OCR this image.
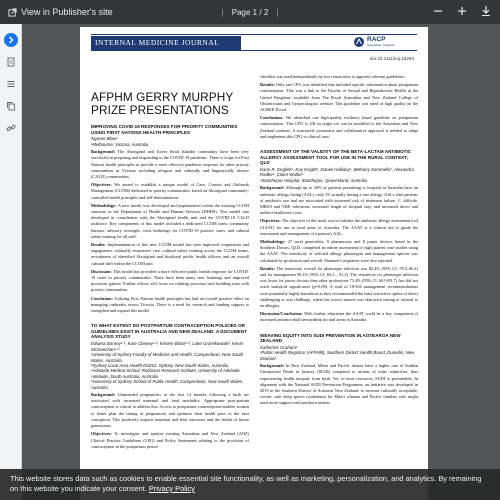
View in Publisher's site	| Page 1 / 2 |
INTERNAL MEDICINE JOURNAL	RACP
Specialists. Together.
doi:10.1111/imj.15293
AFPHM GERRY MURPHY PRIZE PRESENTATIONS
IMPROVING COVID-19 RESPONSES FOR PRIORITY COMMUNITIES USING FIRST NATIONS HEALTH PRINCIPLES
Ngaree Blow¹
¹Melbourne, Victoria, Australia
Background: The Aboriginal and Torres Strait Islander community have been very successful in preparing and responding to the COVID-19 pandemic. There is scope for First Nations health principles to provide a more effective pandemic response for other priority communities in Victoria, including refugees and culturally and linguistically diverse (CALD) communities.
Objectives: We aimed to establish a unique model of Case, Contact and Outbreak Management (CCOM) dedicated to priority communities, based on Aboriginal community-controlled health principles and self-determination.
Methodology: A new model was developed and implemented within the existing CCOM structure in the Department of Health and Human Services (DHHS). This model was developed in consultation with the Aboriginal health unit and the COVID-19 CALD taskforce. Key components of this model included a dedicated CCOM team, community liaisons, advisory oversight, cross brokerage for COVID-19 positive cases, and cultural safety training for all staff.
Results: Implementation of this new CCOM model has seen improved cooperation and engagement, culturally responsive care, cultural safety training across the CCOM teams, recruitment of identified Aboriginal and bicultural public health officers and an overall cultural shift within the CCOM unit.
Discussion: This model has provided a more effective public health response for COVID-19 cases in priority communities. There have been many new learnings and improved processes gained. Further efforts will focus on refining processes and building trust with priority communities.
Conclusion: Utilising First Nations health principles has had an overall positive effect on managing outbreaks across Victoria. There is a need for research and funding support to strengthen and expand this model.
TO WHAT EXTENT DO POSTPARTUM CONTRACEPTION POLICIES OR GUIDELINES EXIST IN AUSTRALIA AND NEW ZEALAND: A DOCUMENT ANALYSIS STUDY
Edwina Dorney¹·², Kate Cheney¹·², Kirsten Black¹·², Luke Grzeskowiak³, Kevin McGeechan⁴·⁵
¹University of Sydney Faculty of Medicine and Health, Camperdown, New South Wales, Australia
²Sydney Local Area Health District, Sydney, New South Wales, Australia
³Adelaide Medical School, Robinson Research Institute, University of Adelaide, Adelaide, South Australia, Australia
⁴University of Sydney School of Public Health, Camperdown, New South Wales, Australia
Background: Unintended pregnancies in the first 12 months following a birth are associated with increased maternal and fetal morbidity. Appropriate post-partum contraception is critical to address this. Access to postpartum contraception enables women to better plan the timing of pregnancies and optimise their health prior to the next conception. This positively impacts maternal and fetal outcomes and the health of future generations.
Objectives: To investigate and analyse existing Australian and New Zealand (ANZ) Clinical Practice Guidelines (CPG) and Policy Statements relating to the provision of contraception in the postpartum period.
checklist was used independently by two researchers to appraise relevant guidelines.
Results: Only one CPG was identified that included specific information about postpartum contraception. This was a link to the Faculty of Sexual and Reproductive Health in the United Kingdom, available from The Royal Australian and New Zealand College of Obstetricians and Gynaecologists website. This guideline was rated of high quality on the AGREE II tool.
Conclusions: We identified one high-quality evidence based guideline on postpartum contraception. This CPG is UK in origin yet can be modified to the Australian and New Zealand contexts. A structured, systematic and collaborative approach is needed to adapt and implement this CPG to clinical care.
ASSESSMENT OF THE VALIDITY OF THE BETA-LACTAM ANTIBIOTIC ALLERGY ASSESSMENT TOOL FOR USE IN THE RURAL CONTEXT, QLD
Karin R. English¹, Kay Knight¹, Daniel Halliday¹, Bethany Sammells¹, Alexandra Radke¹, Claire Walter¹
¹Stanthorpe Hospital, Stanthorpe, Queensland, Australia
Background: Although up to 20% of patients presenting to hospital in Australia have an antibiotic allergy listing (AAL), only 1% actually having a true allergy. AALs alter patterns of antibiotic use and are associated with increased risk of treatment failure, C. difficile, MRSA and VRE infections, increased length of hospital stay, and increased direct and indirect healthcare costs.
Objectives: The objective of the study was to validate the antibiotic allergy assessment tool (AAAT) for use in rural areas of Australia. The AAAT is a clinical aid to guide the assessment and management of a patient's AAL.
Methodology: 27 rural generalists, 9 pharmacists and 8 junior doctors based in the Southern Downs, QLD, completed an online assessment of eight patient case studies using the AAAT. The sensitivity of selected allergy phenotypes and management options was calculated by profession and overall. Shannon's responses were also reported.
Results: The sensitivity overall for phenotype selection was 82.4% (95% CI, 78.0–86.2) and for management 98.1% (95% CI, 84.2 – 91.2). The sensitivity for phenotype selection was lower for junior doctors than other professions 73.4% (95% CI, 60.9-83.7), but did not reach statistical significance (p=0.08). A total of 10/104 management recommendations were potentially highly hazardous as they recommended the least restrictive option of direct challenging or oral challenge, where the correct answer was skin prick testing or referral to an allergist.
Discussion/Conclusion: With further education the AAAT could be a key component of increased antimicrobial stewardship in rural areas in Australia.
WEAVING EQUITY INTO SUDI PREVENTION IN AOTEAROA NEW ZEALAND
Katherine Graham¹
¹Public Health Registrar (AFPHM), Southern District Health Board, Dunedin, New Zealand
Background: In New Zealand, Māori and Pacific infants have a higher rate of Sudden Unexpected Death in Infancy (SUDI) compared to infants of other ethnicities, thus experiencing health inequity from birth. Yet, to most resources, SUDI is preventable. In alignment with the National SUDI Prevention Programme, an initiative was developed in 2019 in the Southern District of Aotearoa New Zealand, to increase culturally acceptable, woven, safe sleep spaces (wahakura) for Māori whanau and Pacific families who might need more support with newborn infants.
This website stores data such as cookies to enable essential site functionality, as well as marketing, personalization, and analytics. By remaining on this website you indicate your consent. Privacy Policy
